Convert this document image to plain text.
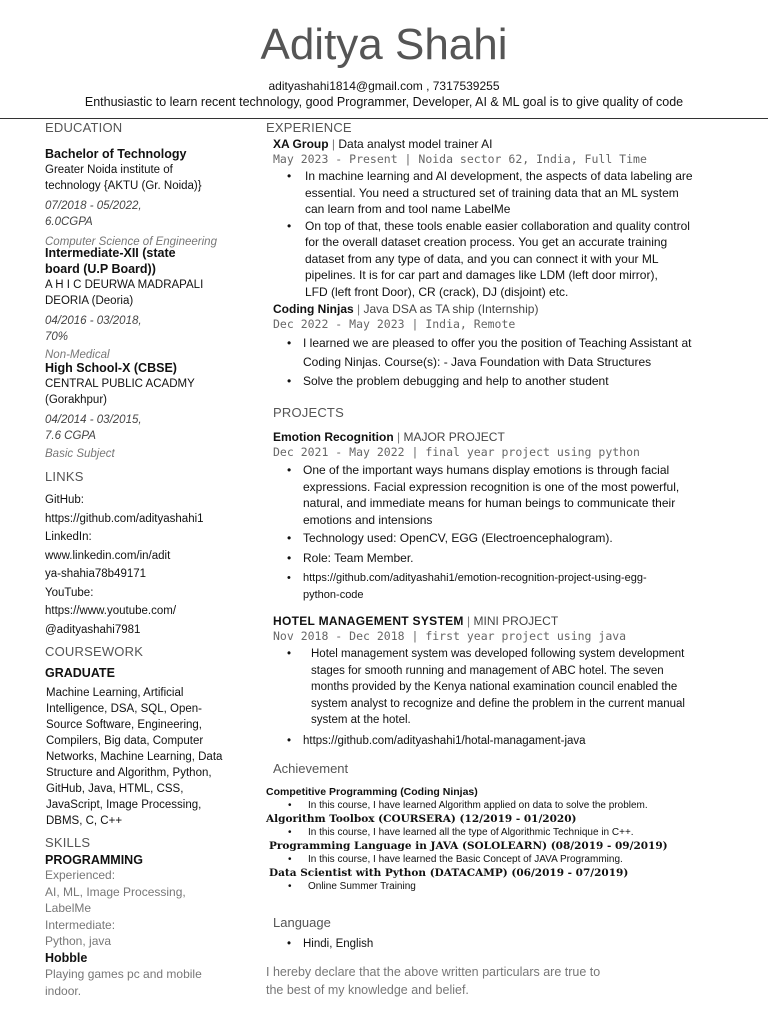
Aditya Shahi
adityashahi1814@gmail.com , 7317539255
Enthusiastic to learn recent technology, good Programmer, Developer, AI & ML goal is to give quality of code
EDUCATION
Bachelor of Technology
Greater Noida institute of
technology {AKTU (Gr. Noida)}
07/2018 - 05/2022,
6.0CGPA
Computer Science of Engineering
Intermediate-XII (state
board (U.P Board))
A H I C DEURWA MADRAPALI
DEORIA (Deoria)
04/2016 - 03/2018,
70%
Non-Medical
High School-X (CBSE)
CENTRAL PUBLIC ACADMY
(Gorakhpur)
04/2014 - 03/2015,
7.6 CGPA
Basic Subject
LINKS
GitHub:
https://github.com/adityashahi1
LinkedIn:
www.linkedin.com/in/adit
ya-shahia78b49171
YouTube:
https://www.youtube.com/
@adityashahi7981
COURSEWORK
GRADUATE
Machine Learning, Artificial
Intelligence, DSA, SQL, Open-
Source Software, Engineering,
Compilers, Big data, Computer
Networks, Machine Learning, Data
Structure and Algorithm, Python,
GitHub, Java, HTML, CSS,
JavaScript, Image Processing,
DBMS, C, C++
SKILLS
PROGRAMMING
Experienced:
AI, ML, Image Processing,
LabelMe
Intermediate:
Python, java
Hobble
Playing games pc and mobile
indoor.
EXPERIENCE
XA Group | Data analyst model trainer AI
May 2023 - Present | Noida sector 62, India, Full Time
• In machine learning and AI development, the aspects of data labeling are
essential. You need a structured set of training data that an ML system
can learn from and tool name LabelMe
• On top of that, these tools enable easier collaboration and quality control
for the overall dataset creation process. You get an accurate training
dataset from any type of data, and you can connect it with your ML
pipelines. It is for car part and damages like LDM (left door mirror),
LFD (left front Door), CR (crack), DJ (disjoint) etc.
Coding Ninjas | Java DSA as TA ship (Internship)
Dec 2022 - May 2023 | India, Remote
• I learned we are pleased to offer you the position of Teaching Assistant at
Coding Ninjas. Course(s): - Java Foundation with Data Structures
• Solve the problem debugging and help to another student
PROJECTS
Emotion Recognition | MAJOR PROJECT
Dec 2021 - May 2022 | final year project using python
• One of the important ways humans display emotions is through facial
expressions. Facial expression recognition is one of the most powerful,
natural, and immediate means for human beings to communicate their
emotions and intensions
• Technology used: OpenCV, EGG (Electroencephalogram).
• Role: Team Member.
• https://github.com/adityashahi1/emotion-recognition-project-using-egg-
python-code
HOTEL MANAGEMENT SYSTEM | MINI PROJECT
Nov 2018 - Dec 2018 | first year project using java
• Hotel management system was developed following system development
stages for smooth running and management of ABC hotel. The seven
months provided by the Kenya national examination council enabled the
system analyst to recognize and define the problem in the current manual
system at the hotel.
• https://github.com/adityashahi1/hotal-managament-java
Achievement
Competitive Programming (Coding Ninjas)
• In this course, I have learned Algorithm applied on data to solve the problem.
Algorithm Toolbox (COURSERA) (12/2019 - 01/2020)
• In this course, I have learned all the type of Algorithmic Technique in C++.
Programming Language in JAVA (SOLOLEARN) (08/2019 - 09/2019)
• In this course, I have learned the Basic Concept of JAVA Programming.
Data Scientist with Python (DATACAMP) (06/2019 - 07/2019)
• Online Summer Training
Language
• Hindi, English
I hereby declare that the above written particulars are true to
the best of my knowledge and belief.
